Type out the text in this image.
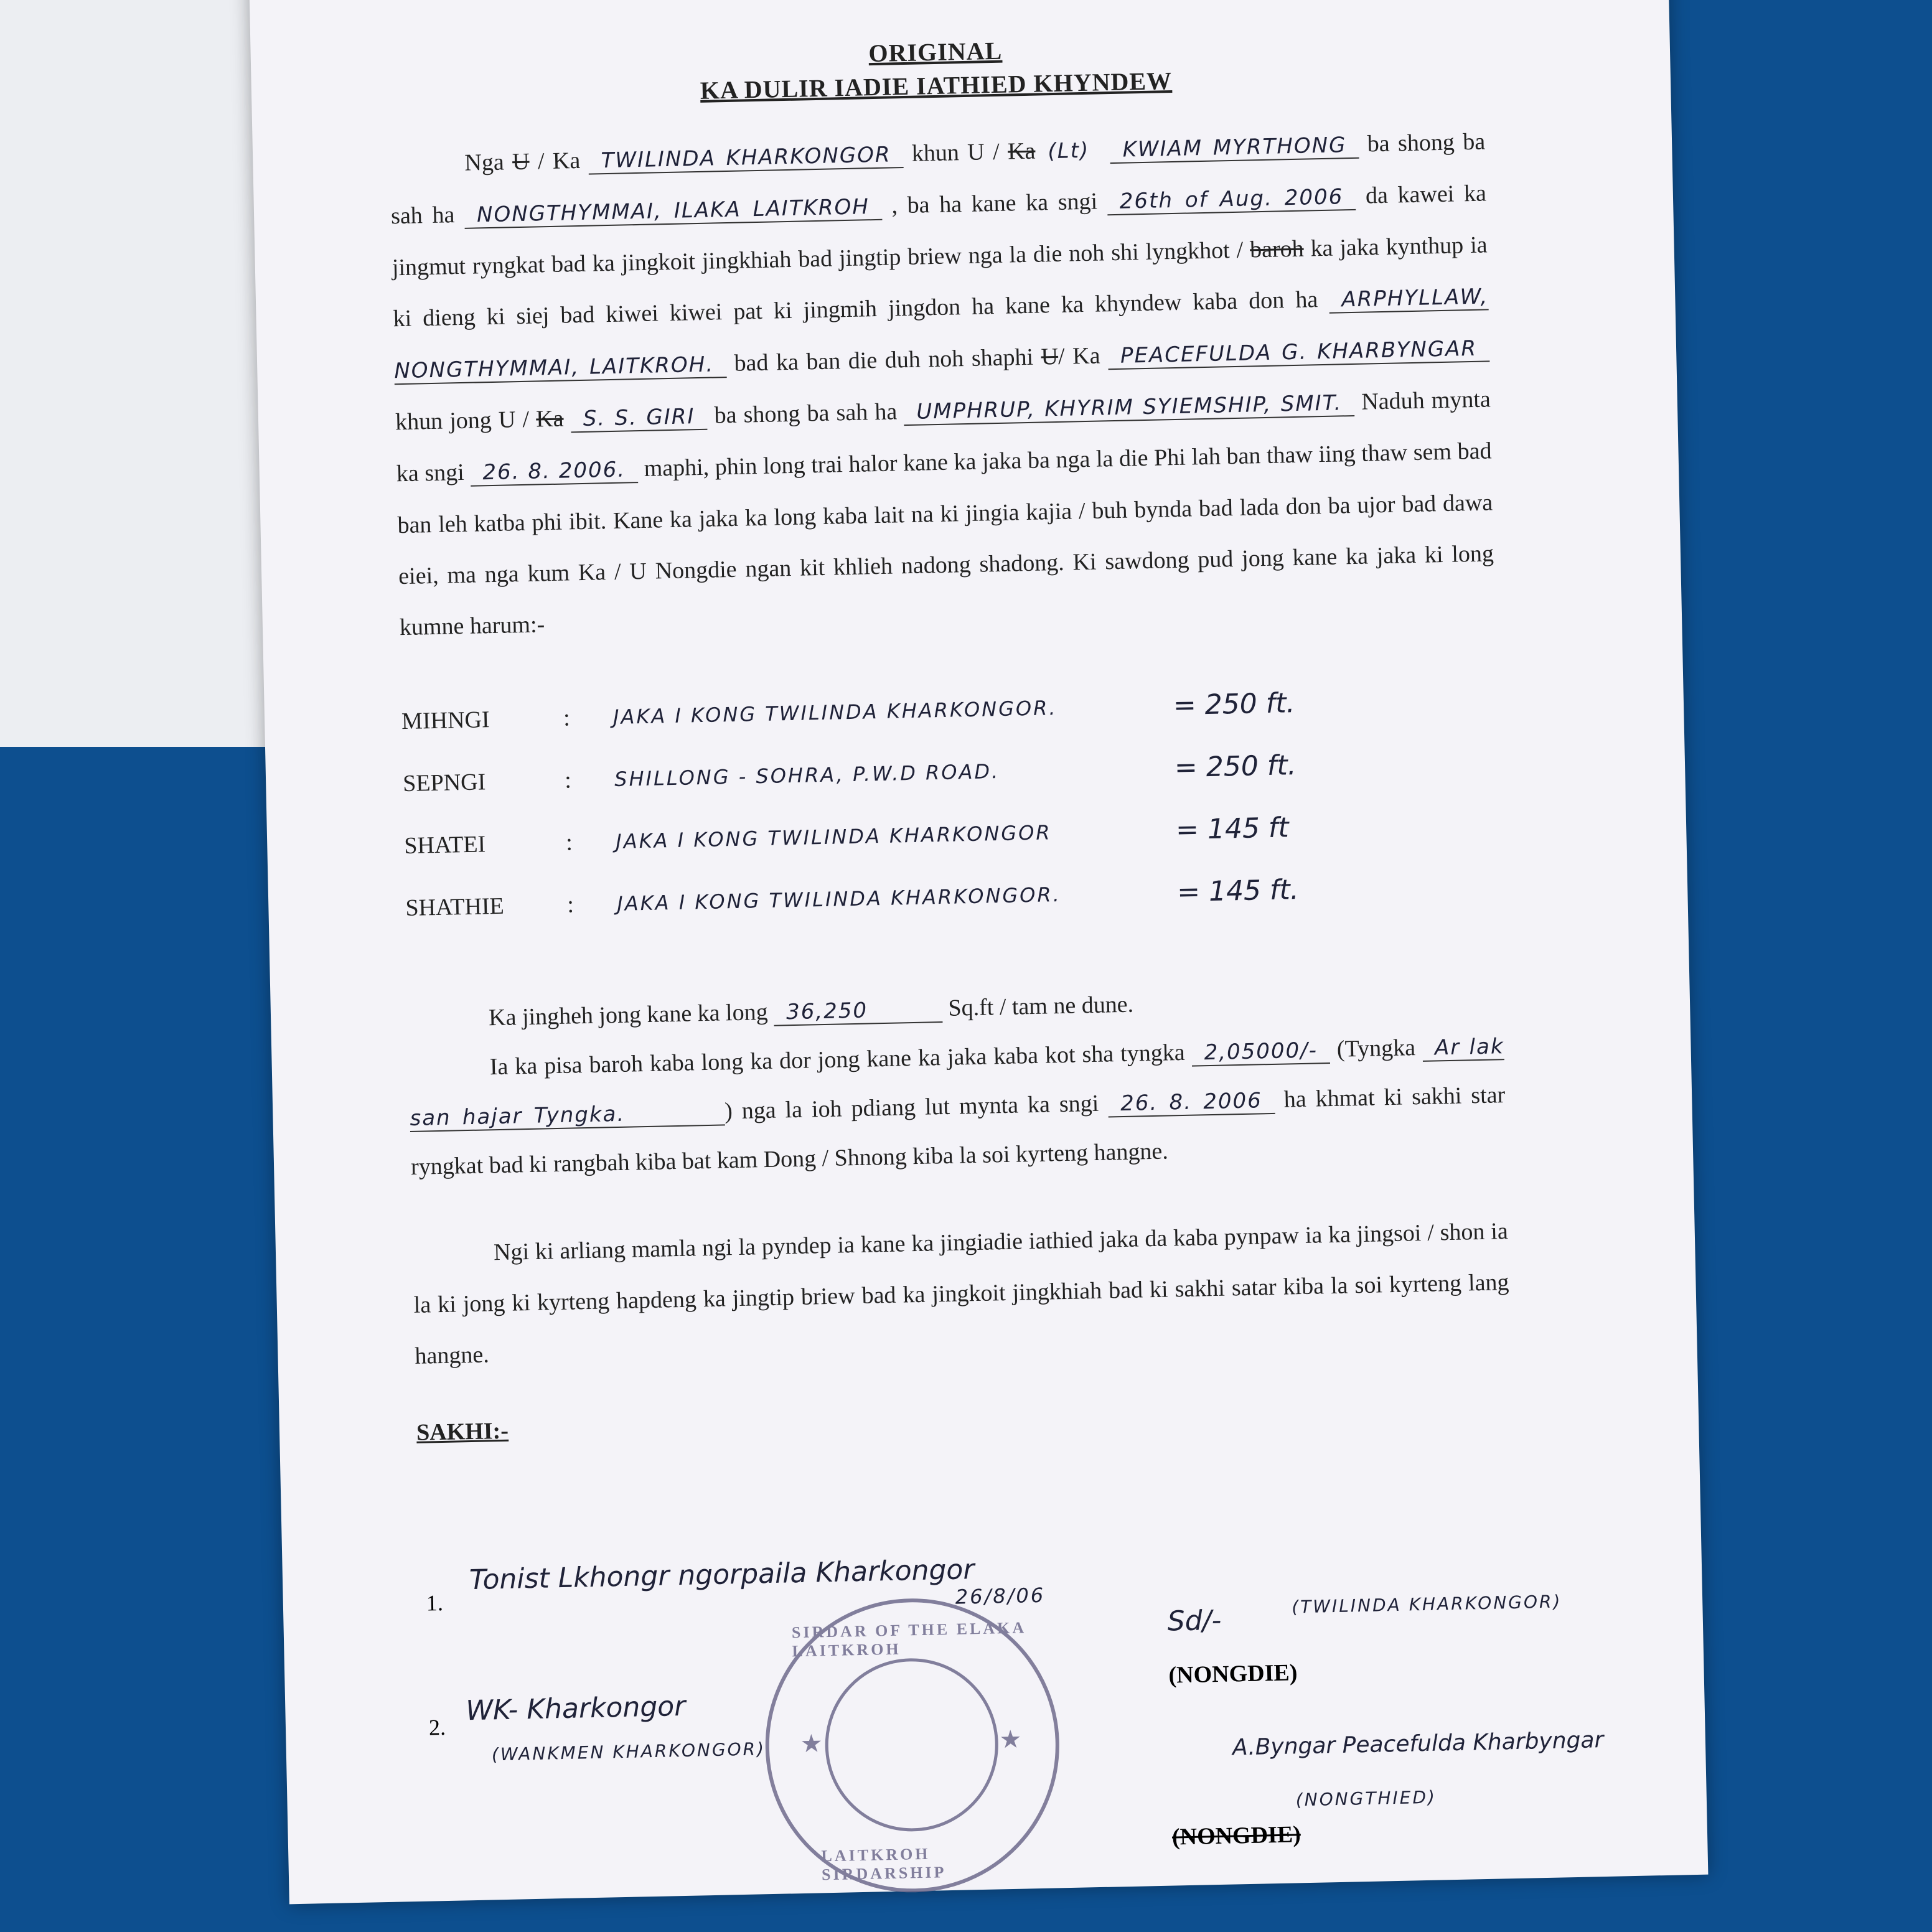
ORIGINAL
KA DULIR IADIE IATHIED KHYNDEW
Nga U / Ka TWILINDA KHARKONGOR khun U / Ka (Lt) KWIAM MYRTHONG ba shong ba sah ha NONGTHYMMAI, ILAKA LAITKROH , ba ha kane ka sngi 26th of Aug. 2006 da kawei ka jingmut ryngkat bad ka jingkoit jingkhiah bad jingtip briew nga la die noh shi lyngkhot / baroh ka jaka kynthup ia ki dieng ki siej bad kiwei kiwei pat ki jingmih jingdon ha kane ka khyndew kaba don ha ARPHYLLAW, NONGTHYMMAI, LAITKROH. bad ka ban die duh noh shaphi U/ Ka PEACEFULDA G. KHARBYNGAR khun jong U / Ka S. S. GIRI ba shong ba sah ha UMPHRUP, KHYRIM SYIEMSHIP, SMIT. Naduh mynta ka sngi 26. 8. 2006. maphi, phin long trai halor kane ka jaka ba nga la die Phi lah ban thaw iing thaw sem bad ban leh katba phi ibit. Kane ka jaka ka long kaba lait na ki jingia kajia / buh bynda bad lada don ba ujor bad dawa eiei, ma nga kum Ka / U Nongdie ngan kit khlieh nadong shadong. Ki sawdong pud jong kane ka jaka ki long kumne harum:-
MIHNGI	:	JAKA I KONG TWILINDA KHARKONGOR.	= 250 ft.
SEPNGI	:	SHILLONG - SOHRA, P.W.D ROAD.	= 250 ft.
SHATEI	:	JAKA I KONG TWILINDA KHARKONGOR	= 145 ft
SHATHIE	:	JAKA I KONG TWILINDA KHARKONGOR.	= 145 ft.
Ka jingheh jong kane ka long 36,250	Sq.ft / tam ne dune.
Ia ka pisa baroh kaba long ka dor jong kane ka jaka kaba kot sha tyngka 2,05000/- (Tyngka Ar lak san hajar Tyngka.	) nga la ioh pdiang lut mynta ka sngi 26. 8. 2006 ha khmat ki sakhi star ryngkat bad ki rangbah kiba bat kam Dong / Shnong kiba la soi kyrteng hangne.
Ngi ki arliang mamla ngi la pyndep ia kane ka jingiadie iathied jaka da kaba pynpaw ia ka jingsoi / shon ia la ki jong ki kyrteng hapdeng ka jingtip briew bad ka jingkoit jingkhiah bad ki sakhi satar kiba la soi kyrteng lang hangne.
SAKHI:-
1.
Tonist Lkhongr ngorpaila Kharkongor
26/8/06
2.
WK- Kharkongor
(WANKMEN KHARKONGOR) ★	★
SIRDAR OF THE ELAKA LAITKROH
LAITKROH SIRDARSHIP
Sd/-
(TWILINDA KHARKONGOR)
(NONGDIE)
A.Byngar Peacefulda Kharbyngar
(NONGTHIED)
(NONGDIE)
